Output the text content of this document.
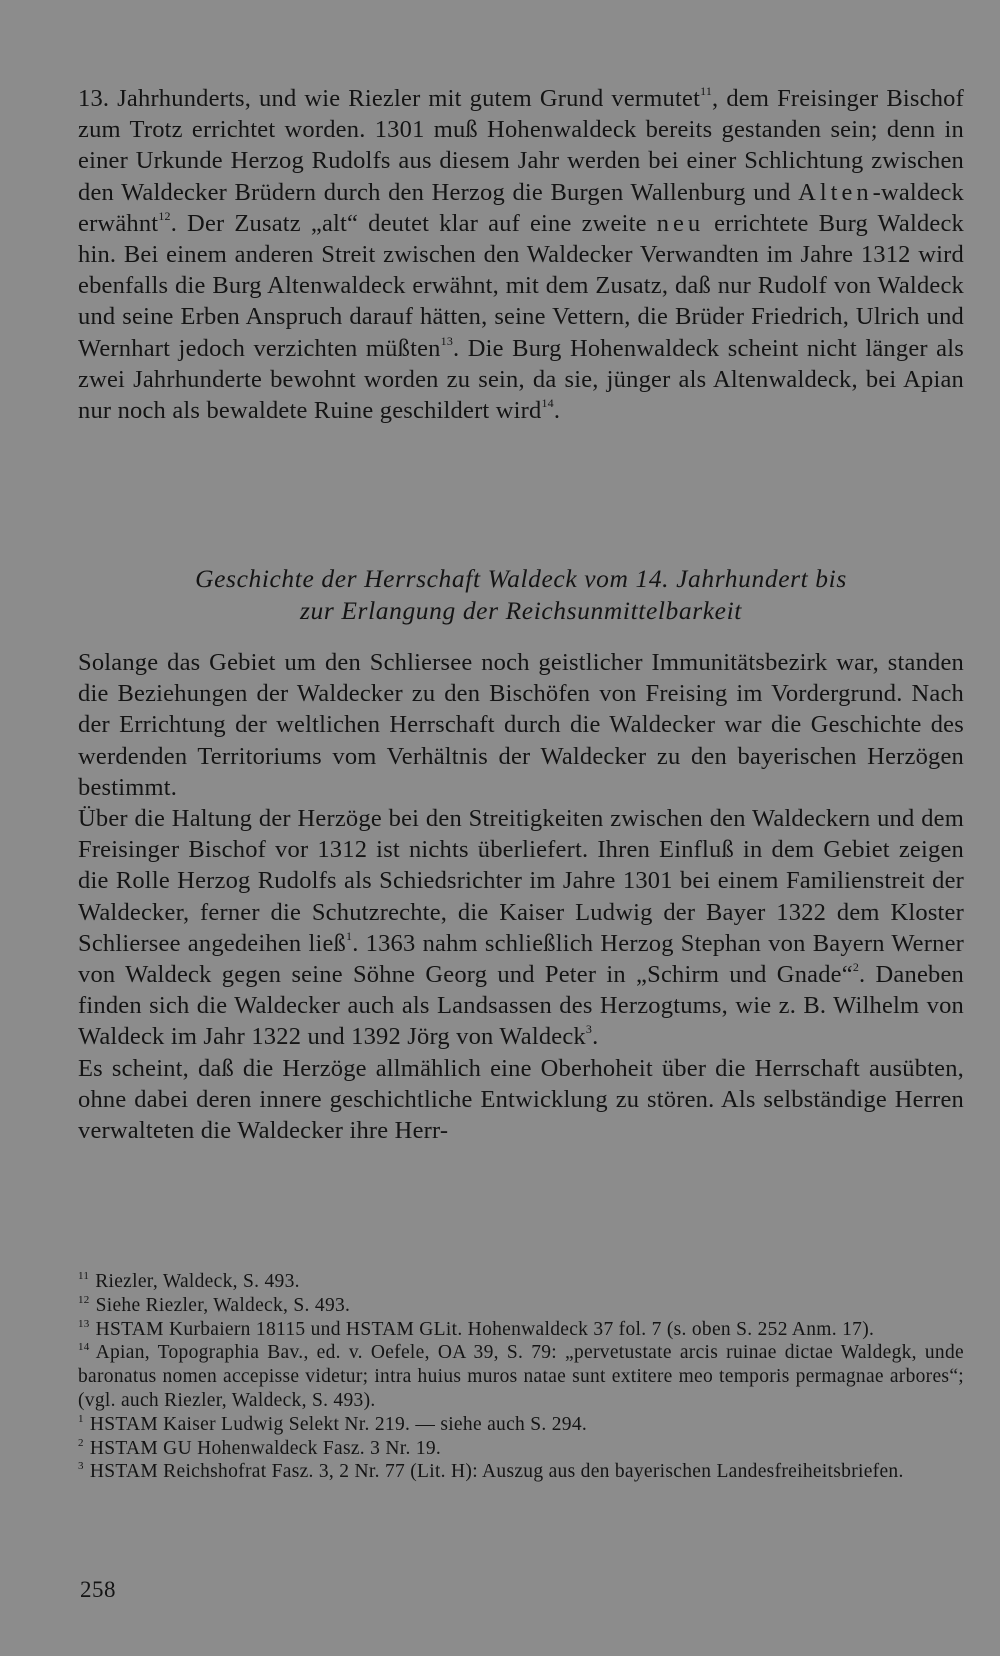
13. Jahrhunderts, und wie Riezler mit gutem Grund vermutet$^{11}$, dem Freisinger Bischof zum Trotz errichtet worden. 1301 muß Hohenwaldeck bereits gestanden sein; denn in einer Urkunde Herzog Rudolfs aus diesem Jahr werden bei einer Schlichtung zwischen den Waldecker Brüdern durch den Herzog die Burgen Wallenburg und Alten-waldeck erwähnt$^{12}$. Der Zusatz „alt“ deutet klar auf eine zweite neu errichtete Burg Waldeck hin. Bei einem anderen Streit zwischen den Waldecker Verwandten im Jahre 1312 wird ebenfalls die Burg Altenwaldeck erwähnt, mit dem Zusatz, daß nur Rudolf von Waldeck und seine Erben Anspruch darauf hätten, seine Vettern, die Brüder Friedrich, Ulrich und Wernhart jedoch verzichten müßten$^{13}$. Die Burg Hohenwaldeck scheint nicht länger als zwei Jahrhunderte bewohnt worden zu sein, da sie, jünger als Altenwaldeck, bei Apian nur noch als bewaldete Ruine geschildert wird$^{14}$.

Geschichte der Herrschaft Waldeck vom 14. Jahrhundert bis
zur Erlangung der Reichsunmittelbarkeit

Solange das Gebiet um den Schliersee noch geistlicher Immunitätsbezirk war, standen die Beziehungen der Waldecker zu den Bischöfen von Freising im Vordergrund. Nach der Errichtung der weltlichen Herrschaft durch die Waldecker war die Geschichte des werdenden Territoriums vom Verhältnis der Waldecker zu den bayerischen Herzögen bestimmt.

Über die Haltung der Herzöge bei den Streitigkeiten zwischen den Waldeckern und dem Freisinger Bischof vor 1312 ist nichts überliefert. Ihren Einfluß in dem Gebiet zeigen die Rolle Herzog Rudolfs als Schiedsrichter im Jahre 1301 bei einem Familienstreit der Waldecker, ferner die Schutzrechte, die Kaiser Ludwig der Bayer 1322 dem Kloster Schliersee angedeihen ließ$^1$. 1363 nahm schließlich Herzog Stephan von Bayern Werner von Waldeck gegen seine Söhne Georg und Peter in „Schirm und Gnade“$^2$. Daneben finden sich die Waldecker auch als Landsassen des Herzogtums, wie z. B. Wilhelm von Waldeck im Jahr 1322 und 1392 Jörg von Waldeck$^3$.

Es scheint, daß die Herzöge allmählich eine Oberhoheit über die Herrschaft ausübten, ohne dabei deren innere geschichtliche Entwicklung zu stören. Als selbständige Herren verwalteten die Waldecker ihre Herr-

$^{11}$ Riezler, Waldeck, S. 493.
$^{12}$ Siehe Riezler, Waldeck, S. 493.
$^{13}$ HSTAM Kurbaiern 18115 und HSTAM GLit. Hohenwaldeck 37 fol. 7 (s. oben S. 252 Anm. 17).
$^{14}$ Apian, Topographia Bav., ed. v. Oefele, OA 39, S. 79: „pervetustate arcis ruinae dictae Waldegk, unde baronatus nomen accepisse videtur; intra huius muros natae sunt extitere meo temporis permagnae arbores“; (vgl. auch Riezler, Waldeck, S. 493).
$^1$ HSTAM Kaiser Ludwig Selekt Nr. 219. — siehe auch S. 294.
$^2$ HSTAM GU Hohenwaldeck Fasz. 3 Nr. 19.
$^3$ HSTAM Reichshofrat Fasz. 3, 2 Nr. 77 (Lit. H): Auszug aus den bayerischen Landesfreiheitsbriefen.
258
